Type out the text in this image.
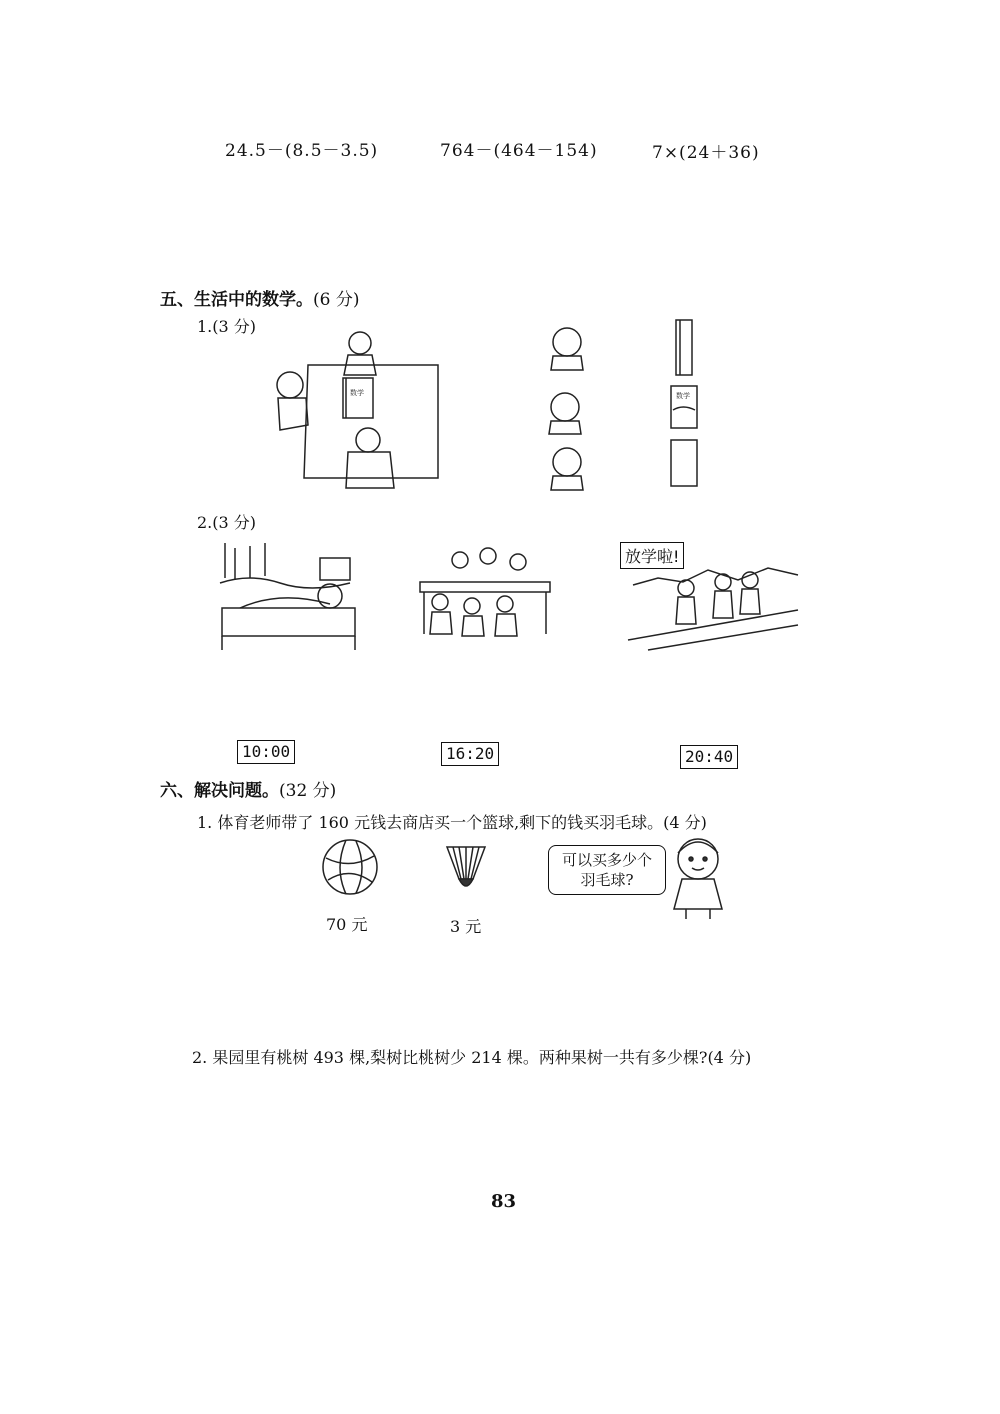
24.5－(8.5－3.5)	764－(464－154)	7×(24＋36)
五、生活中的数学。(6 分)
1.(3 分)
数学	数学
2.(3 分)
放学啦!
10:00	16:20	20:40
六、解决问题。(32 分)
1. 体育老师带了 160 元钱去商店买一个篮球,剩下的钱买羽毛球。(4 分)
70 元	3 元
可以买多少个羽毛球?
2. 果园里有桃树 493 棵,梨树比桃树少 214 棵。两种果树一共有多少棵?(4 分)
83
